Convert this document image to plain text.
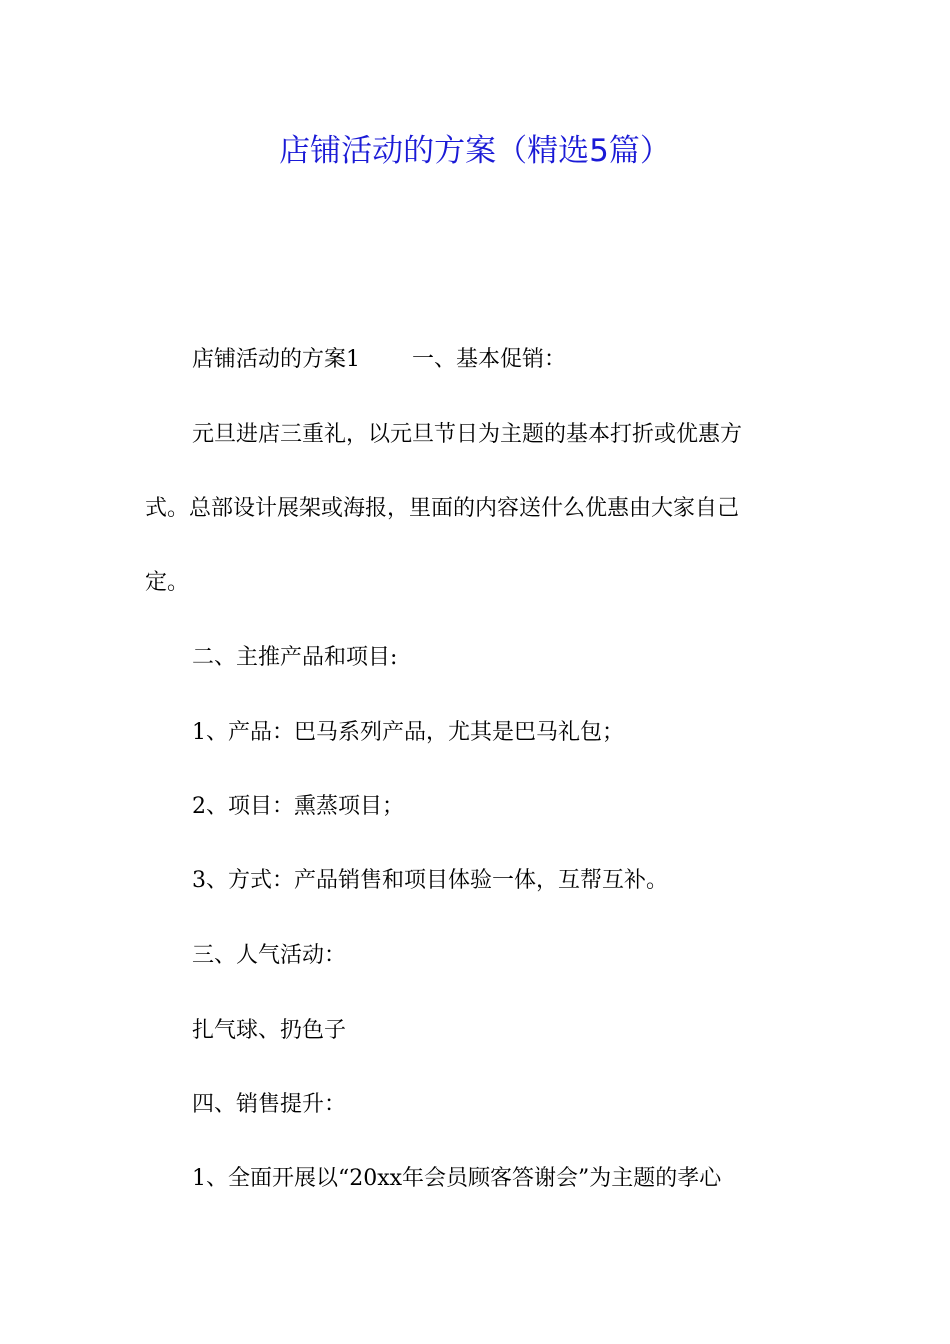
店铺活动的方案（精选5篇）
店铺活动的方案1 一、基本促销：
元旦进店三重礼，以元旦节日为主题的基本打折或优惠方
式。总部设计展架或海报，里面的内容送什么优惠由大家自己
定。
二、主推产品和项目:
1、产品：巴马系列产品，尤其是巴马礼包；
2、项目：熏蒸项目；
3、方式：产品销售和项目体验一体，互帮互补。
三、人气活动：
扎气球、扔色子
四、销售提升：
1、全面开展以“20xx年会员顾客答谢会”为主题的孝心
